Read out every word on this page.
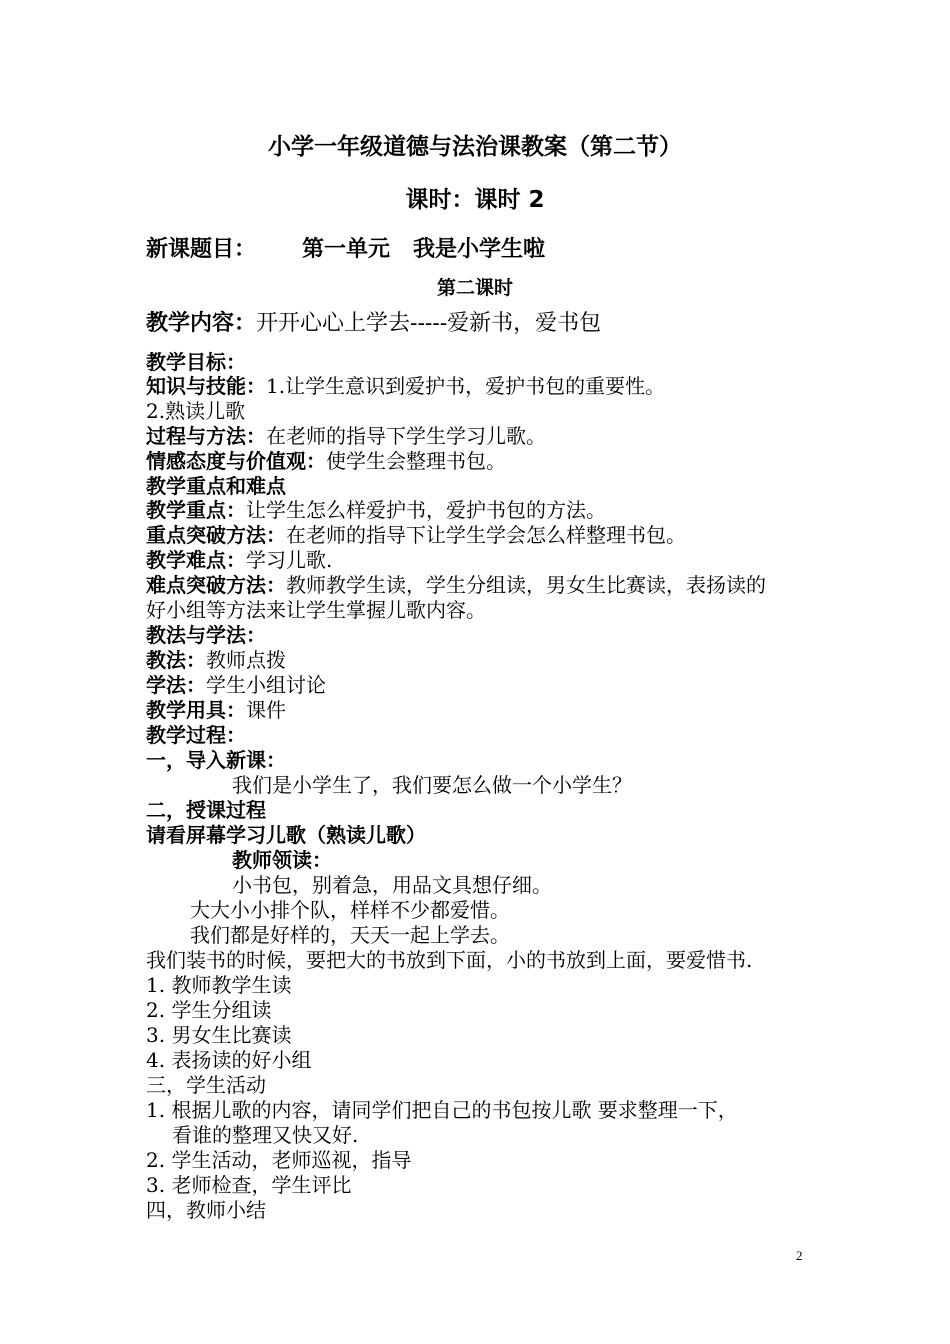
小学一年级道德与法治课教案（第二节）
课时：课时 2
新课题目： 第一单元   我是小学生啦
第二课时
教学内容：开开心心上学去-----爱新书，爱书包
教学目标：
知识与技能：1.让学生意识到爱护书，爱护书包的重要性。
2.熟读儿歌
过程与方法：在老师的指导下学生学习儿歌。
情感态度与价值观：使学生会整理书包。
教学重点和难点
教学重点：让学生怎么样爱护书，爱护书包的方法。
重点突破方法：在老师的指导下让学生学会怎么样整理书包。
教学难点：学习儿歌.
难点突破方法：教师教学生读，学生分组读，男女生比赛读，表扬读的
好小组等方法来让学生掌握儿歌内容。
教法与学法：
教法：教师点拨
学法：学生小组讨论
教学用具：课件
教学过程：
一，导入新课：
我们是小学生了，我们要怎么做一个小学生？
二，授课过程
请看屏幕学习儿歌（熟读儿歌）
教师领读：
小书包，别着急，用品文具想仔细。
大大小小排个队，样样不少都爱惜。
我们都是好样的，天天一起上学去。
我们装书的时候，要把大的书放到下面，小的书放到上面，要爱惜书.
1. 教师教学生读
2. 学生分组读
3. 男女生比赛读
4. 表扬读的好小组
三，学生活动
1. 根据儿歌的内容，请同学们把自己的书包按儿歌 要求整理一下，
看谁的整理又快又好.
2. 学生活动，老师巡视，指导
3. 老师检查，学生评比
四，教师小结
2
